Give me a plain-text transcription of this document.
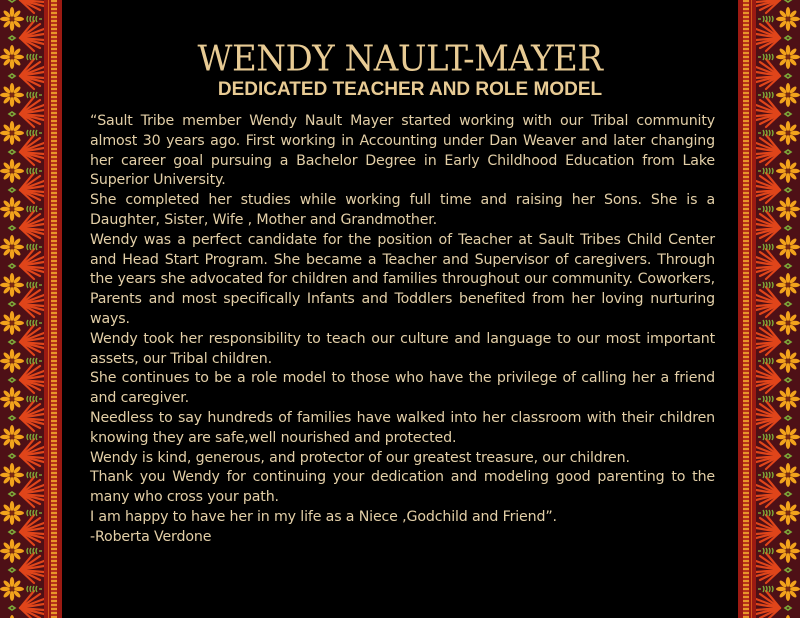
WENDY NAULT-MAYER
DEDICATED TEACHER AND ROLE MODEL

“Sault Tribe member Wendy Nault Mayer started working with our Tribal community almost 30 years ago. First working in Accounting under Dan Weaver and later changing her career goal pursuing a Bachelor Degree in Early Childhood Education from Lake Superior University.

She completed her studies while working full time and raising her Sons. She is a Daughter, Sister, Wife , Mother and Grandmother.

Wendy was a perfect candidate for the position of Teacher at Sault Tribes Child Center and Head Start Program. She became a Teacher and Supervisor of caregivers. Through the years she advocated for children and families throughout our community. Coworkers, Parents and most specifically Infants and Toddlers benefited from her loving nurturing ways.

Wendy took her responsibility to teach our culture and language to our most important assets, our Tribal children.

She continues to be a role model to those who have the privilege of calling her a friend and caregiver.

Needless to say hundreds of families have walked into her classroom with their children knowing they are safe,well nourished and protected.

Wendy is kind, generous, and protector of our greatest treasure, our children.

Thank you Wendy for continuing your dedication and modeling good parenting to the many who cross your path.

I am happy to have her in my life as a Niece ,Godchild and Friend”.

-Roberta Verdone
